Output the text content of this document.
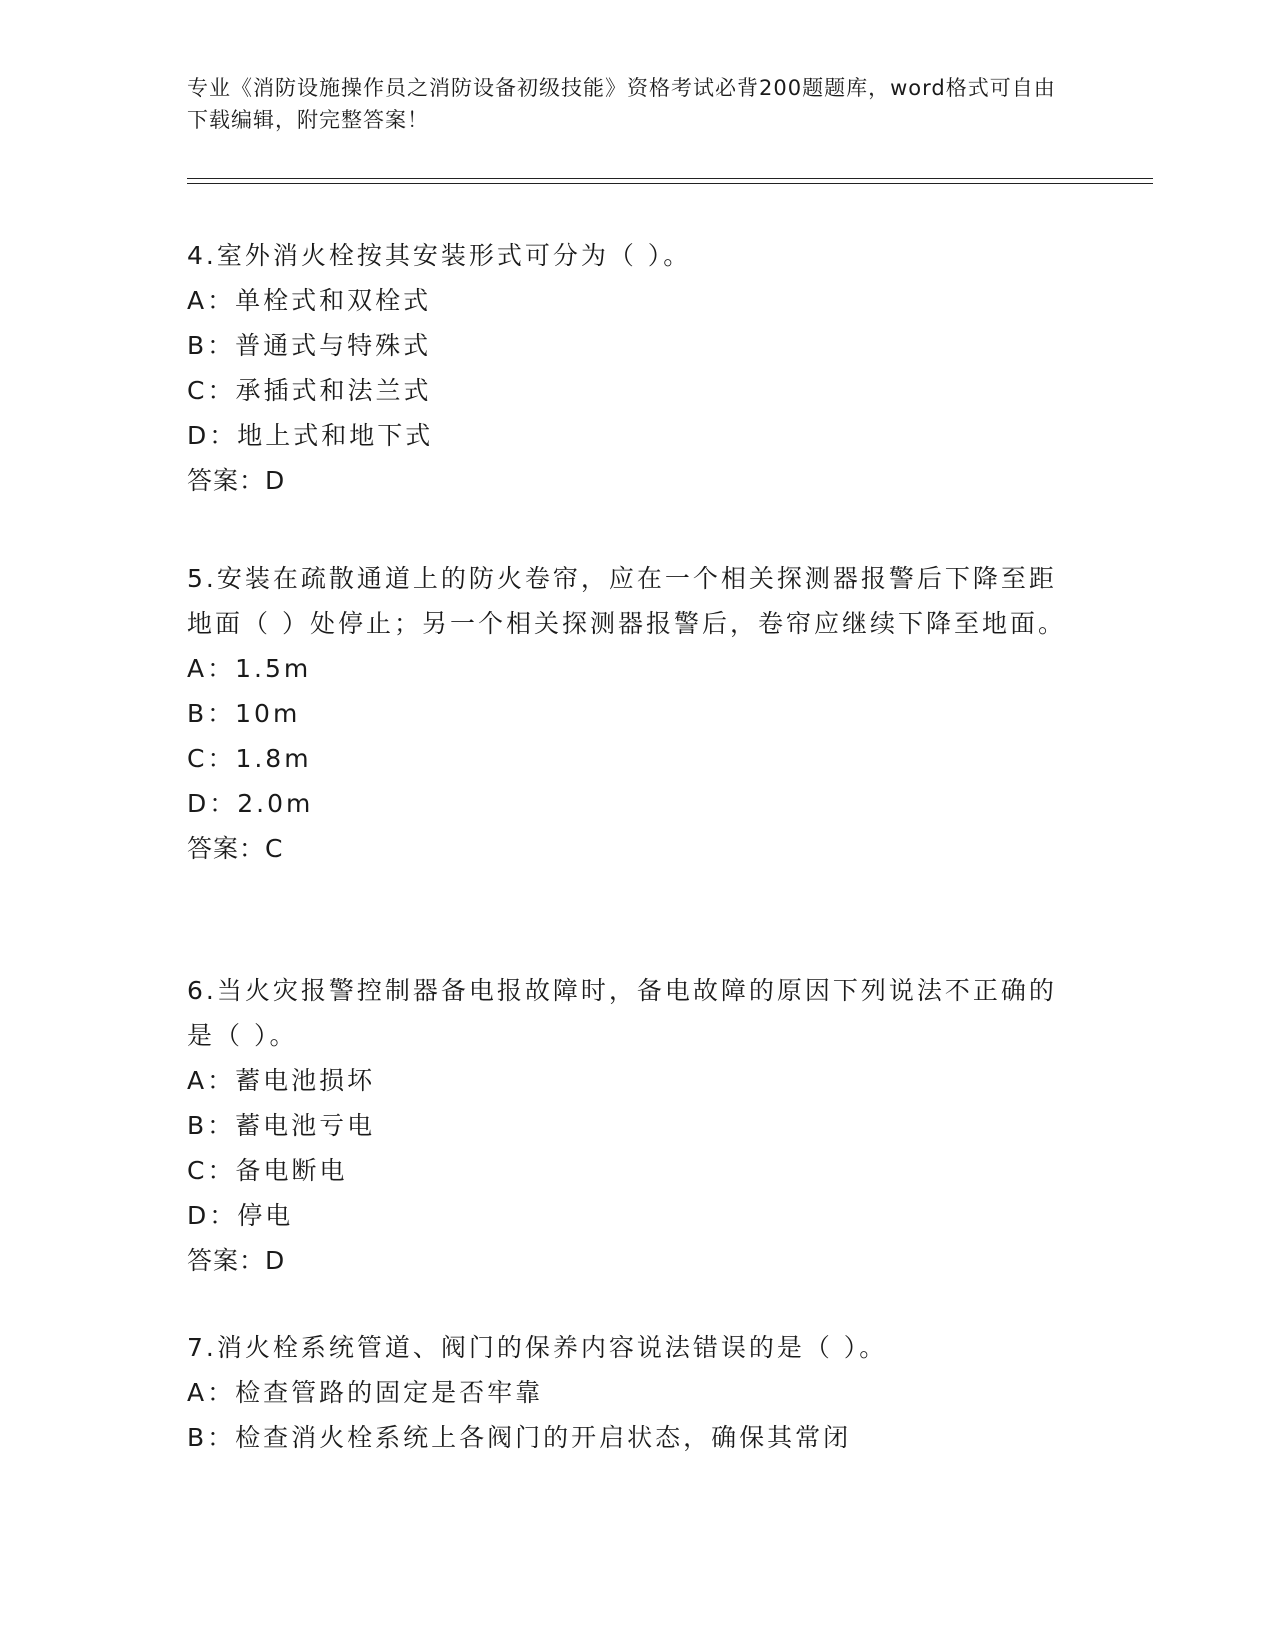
专业《消防设施操作员之消防设备初级技能》资格考试必背200题题库，word格式可自由下载编辑，附完整答案！
4.室外消火栓按其安装形式可分为（ ）。
A：单栓式和双栓式
B：普通式与特殊式
C：承插式和法兰式
D：地上式和地下式
答案：D
5.安装在疏散通道上的防火卷帘，应在一个相关探测器报警后下降至距地面（ ）处停止；另一个相关探测器报警后，卷帘应继续下降至地面。
A：1.5m
B：10m
C：1.8m
D：2.0m
答案：C
6.当火灾报警控制器备电报故障时，备电故障的原因下列说法不正确的是（ ）。
A：蓄电池损坏
B：蓄电池亏电
C：备电断电
D：停电
答案：D
7.消火栓系统管道、阀门的保养内容说法错误的是（ ）。
A：检查管路的固定是否牢靠
B：检查消火栓系统上各阀门的开启状态，确保其常闭
